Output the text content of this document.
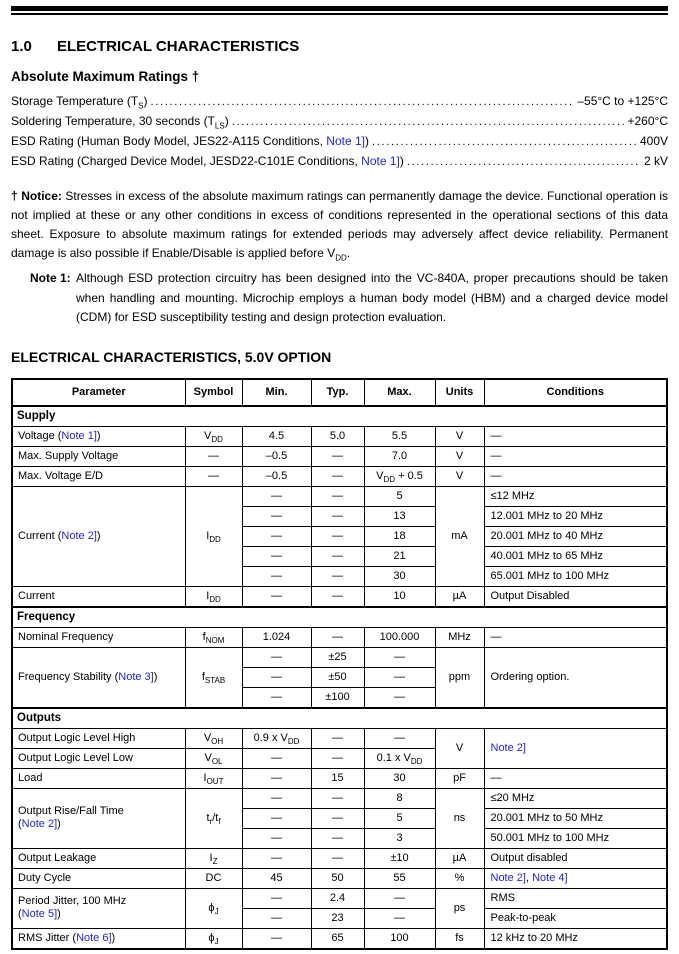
1.0	ELECTRICAL CHARACTERISTICS
Absolute Maximum Ratings †
Storage Temperature $(T_S)$ .....	–55°C to +125°C
Soldering Temperature, 30 seconds $(T_{LS})$ .....	+260°C
ESD Rating (Human Body Model, JES22-A115 Conditions, Note 1]) .....	400V
ESD Rating (Charged Device Model, JESD22-C101E Conditions, Note 1]) .....	2 kV

† Notice: Stresses in excess of the absolute maximum ratings can permanently damage the device. Functional operation is not implied at these or any other conditions in excess of conditions represented in the operational sections of this data sheet. Exposure to absolute maximum ratings for extended periods may adversely affect device reliability. Permanent damage is also possible if Enable/Disable is applied before $V_{DD}$.

Note 1: Although ESD protection circuitry has been designed into the VC-840A, proper precautions should be taken when handling and mounting. Microchip employs a human body model (HBM) and a charged device model (CDM) for ESD susceptibility testing and design protection evaluation.
ELECTRICAL CHARACTERISTICS, 5.0V OPTION
Parameter	Symbol	Min.	Typ.	Max.	Units	Conditions
Supply						
Voltage (Note 1])	$V_{DD}$	4.5	5.0	5.5	V	—
Max. Supply Voltage	—	–0.5	—	7.0	V	—
Max. Voltage E/D	—	–0.5	—	$V_{DD} + 0.5$	V	—
Current (Note 2])	$I_{DD}$	—	—	5	mA	≤12 MHz
		—	—	13		12.001 MHz to 20 MHz
		—	—	18		20.001 MHz to 40 MHz
		—	—	21		40.001 MHz to 65 MHz
		—	—	30		65.001 MHz to 100 MHz
Current	$I_{DD}$	—	—	10	µA	Output Disabled
Frequency						
Nominal Frequency	$f_{NOM}$	1.024	—	100.000	MHz	—
Frequency Stability (Note 3])	$f_{STAB}$	—	±25	—	ppm	Ordering option.
		—	±50	—		
		—	±100	—		
Outputs						
Output Logic Level High	$V_{OH}$	0.9 x $V_{DD}$	—	—	V	Note 2]
Output Logic Level Low	$V_{OL}$	—	—	0.1 x $V_{DD}$
Load	$I_{OUT}$	—	15	30	pF	—
Output Rise/Fall Time
(Note 2])	$t_r/t_f$	—	—	8	ns	≤20 MHz
		—	—	5		20.001 MHz to 50 MHz
		—	—	3		50.001 MHz to 100 MHz
Output Leakage	$I_Z$	—	—	±10	µA	Output disabled
Duty Cycle	DC	45	50	55	%	Note 2], Note 4]
Period Jitter, 100 MHz
(Note 5])	$\phi_J$	—	2.4	—	ps	RMS
		—	23	—		Peak-to-peak
RMS Jitter (Note 6])	$\phi_J$	—	65	100	fs	12 kHz to 20 MHz
